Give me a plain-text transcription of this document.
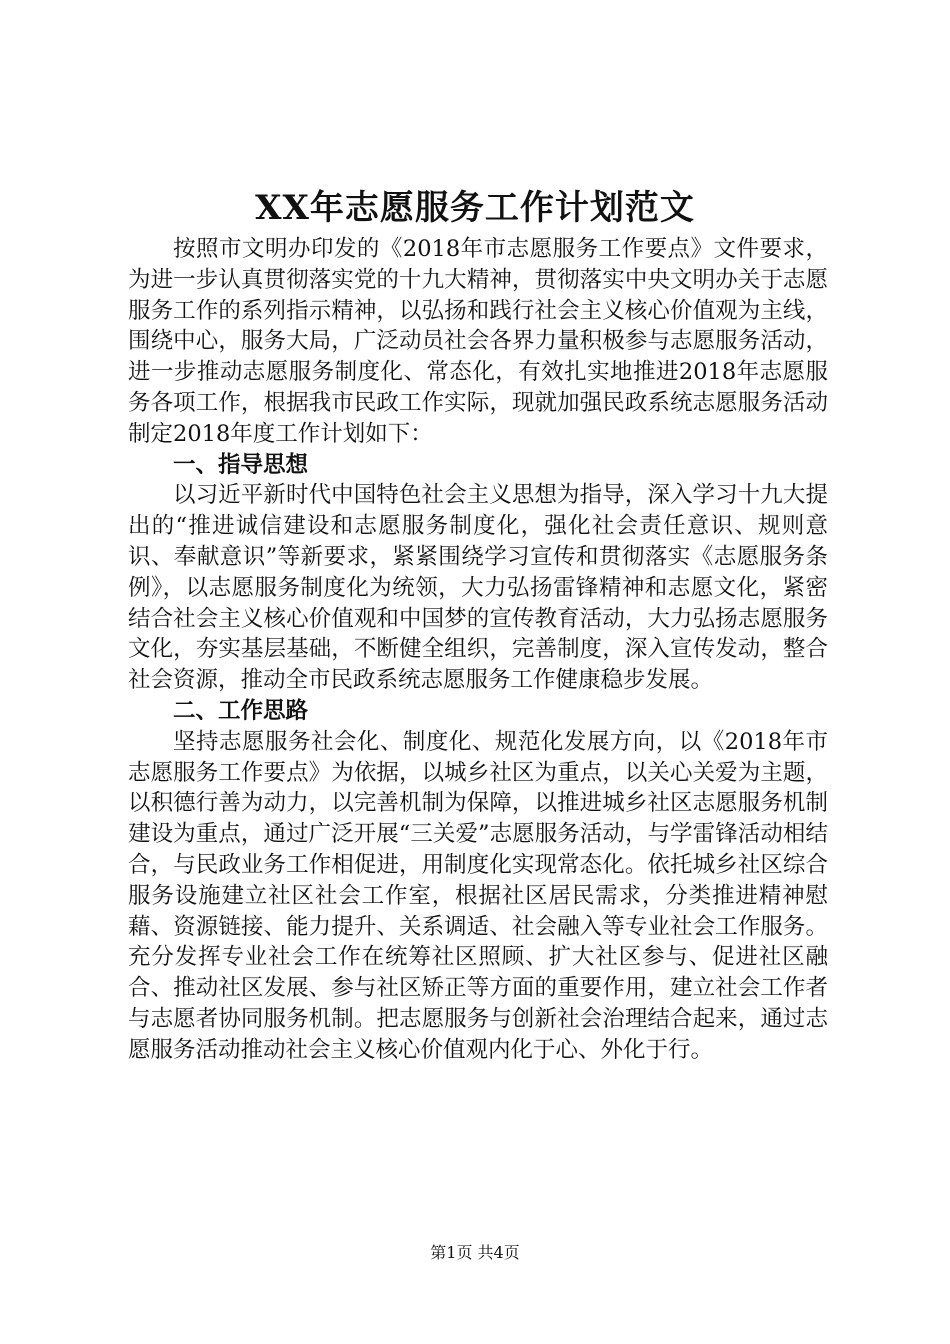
XX年志愿服务工作计划范文

按照市文明办印发的《2018年市志愿服务工作要点》文件要求，为进一步认真贯彻落实党的十九大精神，贯彻落实中央文明办关于志愿服务工作的系列指示精神，以弘扬和践行社会主义核心价值观为主线，围绕中心，服务大局，广泛动员社会各界力量积极参与志愿服务活动，进一步推动志愿服务制度化、常态化，有效扎实地推进2018年志愿服务各项工作，根据我市民政工作实际，现就加强民政系统志愿服务活动制定2018年度工作计划如下：

一、指导思想

以习近平新时代中国特色社会主义思想为指导，深入学习十九大提出的“推进诚信建设和志愿服务制度化，强化社会责任意识、规则意识、奉献意识”等新要求，紧紧围绕学习宣传和贯彻落实《志愿服务条例》，以志愿服务制度化为统领，大力弘扬雷锋精神和志愿文化，紧密结合社会主义核心价值观和中国梦的宣传教育活动，大力弘扬志愿服务文化，夯实基层基础，不断健全组织，完善制度，深入宣传发动，整合社会资源，推动全市民政系统志愿服务工作健康稳步发展。

二、工作思路

坚持志愿服务社会化、制度化、规范化发展方向，以《2018年市志愿服务工作要点》为依据，以城乡社区为重点，以关心关爱为主题，以积德行善为动力，以完善机制为保障，以推进城乡社区志愿服务机制建设为重点，通过广泛开展“三关爱”志愿服务活动，与学雷锋活动相结合，与民政业务工作相促进，用制度化实现常态化。依托城乡社区综合服务设施建立社区社会工作室，根据社区居民需求，分类推进精神慰藉、资源链接、能力提升、关系调适、社会融入等专业社会工作服务。充分发挥专业社会工作在统筹社区照顾、扩大社区参与、促进社区融合、推动社区发展、参与社区矫正等方面的重要作用，建立社会工作者与志愿者协同服务机制。把志愿服务与创新社会治理结合起来，通过志愿服务活动推动社会主义核心价值观内化于心、外化于行。

第1页 共4页
